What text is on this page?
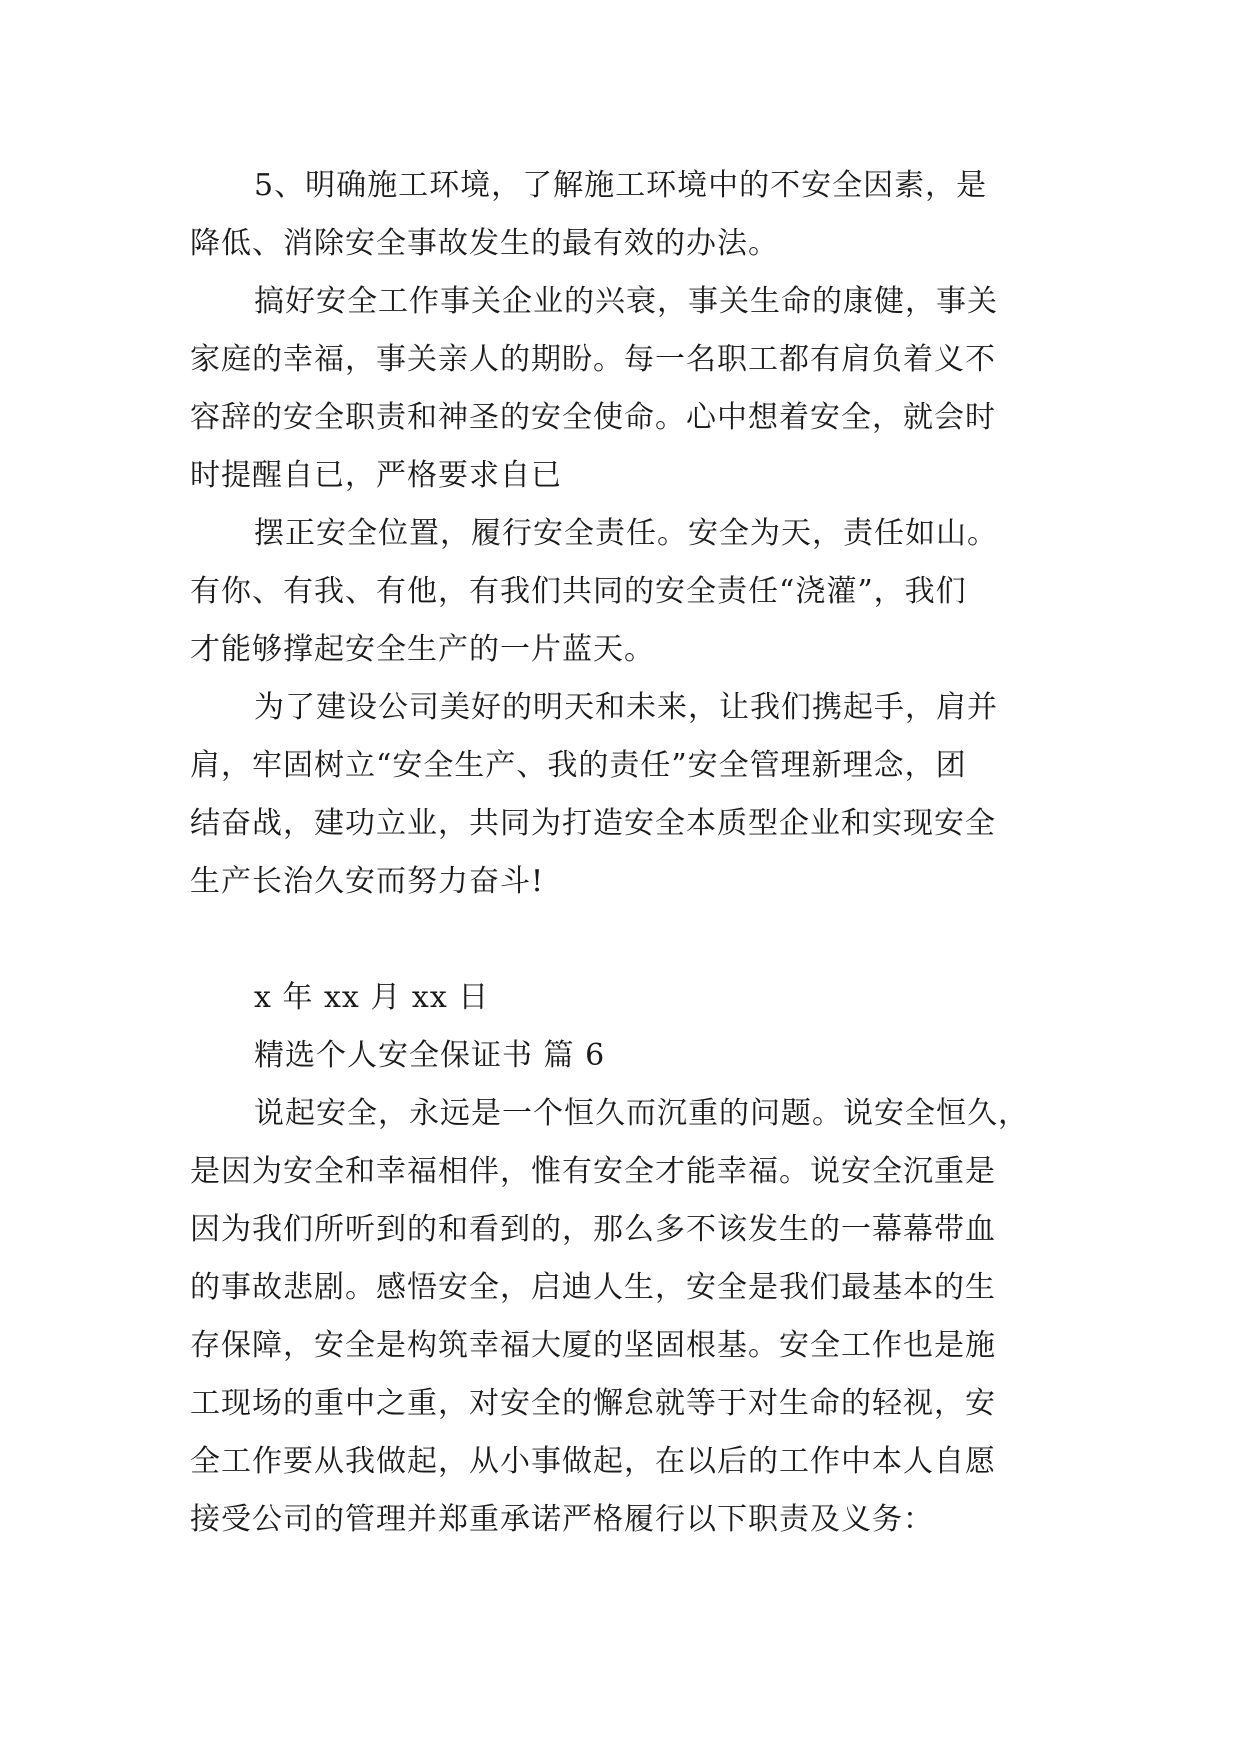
5、明确施工环境，了解施工环境中的不安全因素，是
降低、消除安全事故发生的最有效的办法。
搞好安全工作事关企业的兴衰，事关生命的康健，事关
家庭的幸福，事关亲人的期盼。每一名职工都有肩负着义不
容辞的安全职责和神圣的安全使命。心中想着安全，就会时
时提醒自已，严格要求自已
摆正安全位置，履行安全责任。安全为天，责任如山。
有你、有我、有他，有我们共同的安全责任“浇灌”，我们
才能够撑起安全生产的一片蓝天。
为了建设公司美好的明天和未来，让我们携起手，肩并
肩，牢固树立“安全生产、我的责任”安全管理新理念，团
结奋战，建功立业，共同为打造安全本质型企业和实现安全
生产长治久安而努力奋斗!
x 年 xx 月 xx 日
精选个人安全保证书 篇 6
说起安全，永远是一个恒久而沉重的问题。说安全恒久，
是因为安全和幸福相伴，惟有安全才能幸福。说安全沉重是
因为我们所听到的和看到的，那么多不该发生的一幕幕带血
的事故悲剧。感悟安全，启迪人生，安全是我们最基本的生
存保障，安全是构筑幸福大厦的坚固根基。安全工作也是施
工现场的重中之重，对安全的懈怠就等于对生命的轻视，安
全工作要从我做起，从小事做起，在以后的工作中本人自愿
接受公司的管理并郑重承诺严格履行以下职责及义务：
